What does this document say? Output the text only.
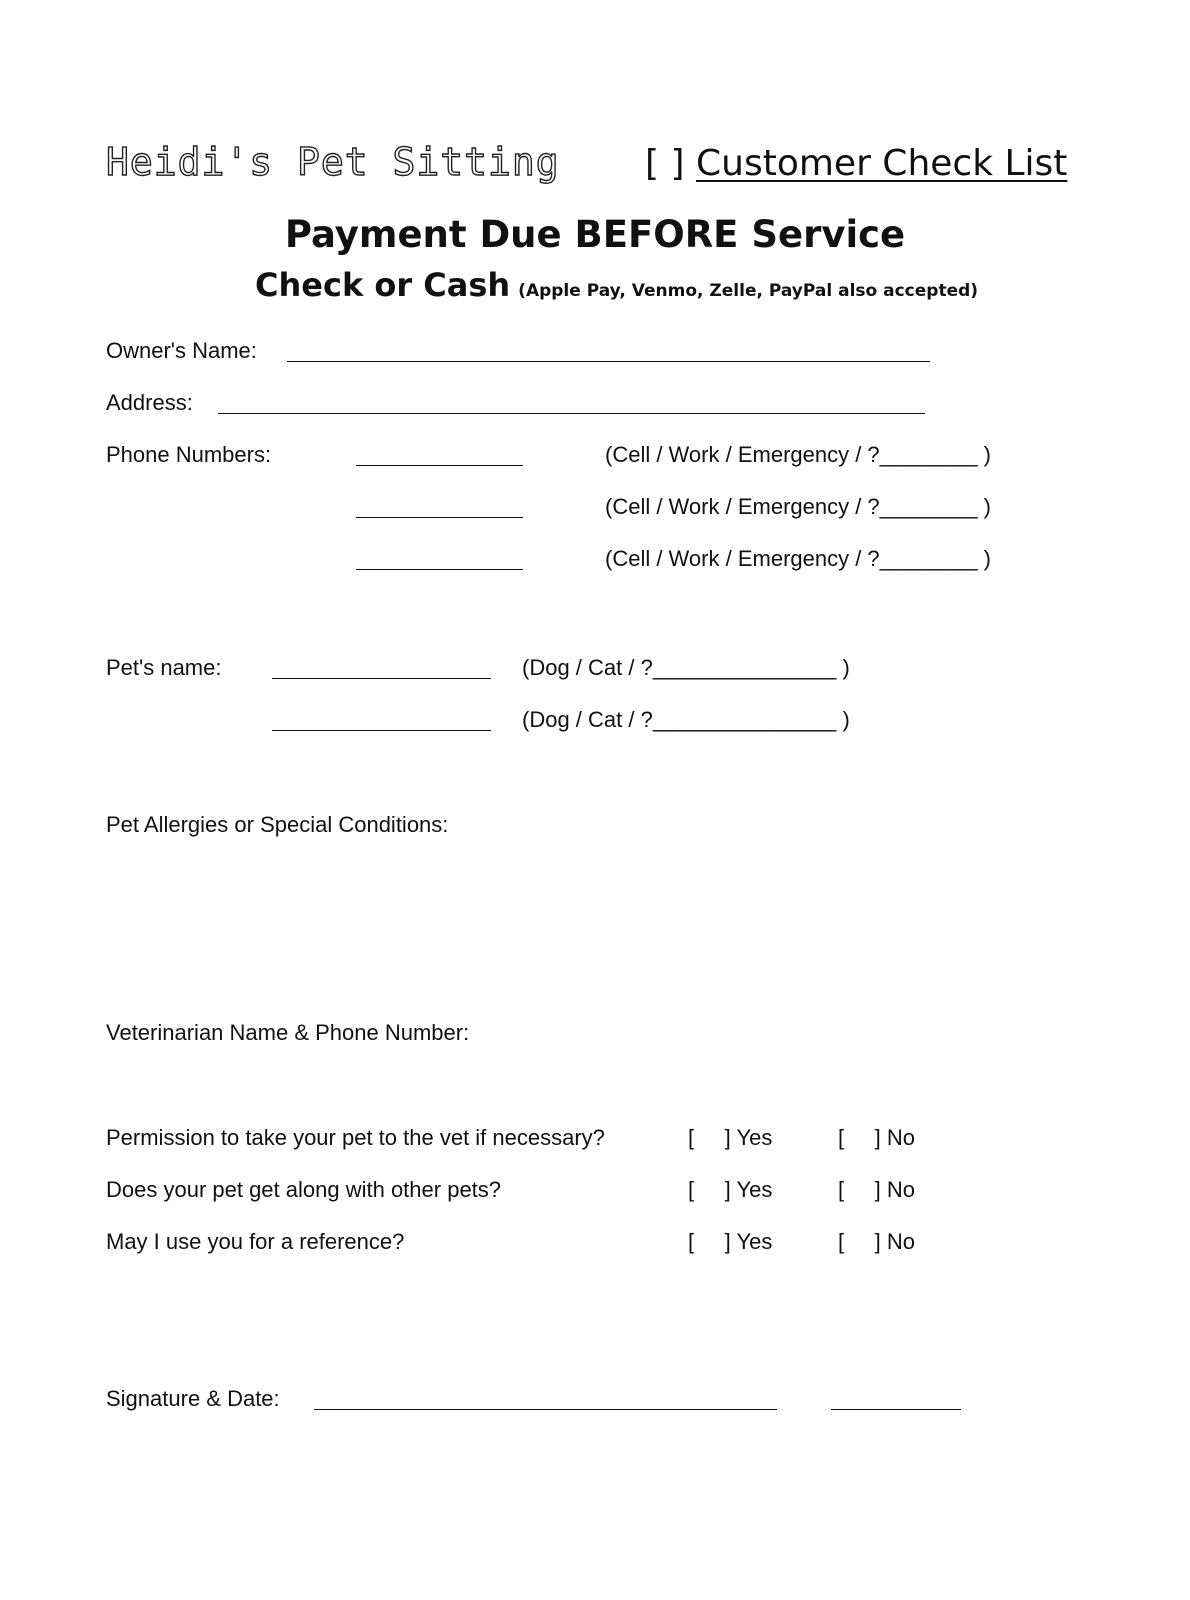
Heidi's Pet Sitting [ ] Customer Check List
Payment Due BEFORE Service
Check or Cash (Apple Pay, Venmo, Zelle, PayPal also accepted)
Owner's Name:
Address:
Phone Numbers:	(Cell / Work / Emergency / ?________ )
(Cell / Work / Emergency / ?________ )
(Cell / Work / Emergency / ?________ )
Pet's name:	(Dog / Cat / ?_______________ )
(Dog / Cat / ?_______________ )
Pet Allergies or Special Conditions:
Veterinarian Name & Phone Number:
Permission to take your pet to the vet if necessary?	[     ] Yes	[     ] No
Does your pet get along with other pets?	[     ] Yes	[     ] No
May I use you for a reference?	[     ] Yes	[     ] No
Signature & Date:
